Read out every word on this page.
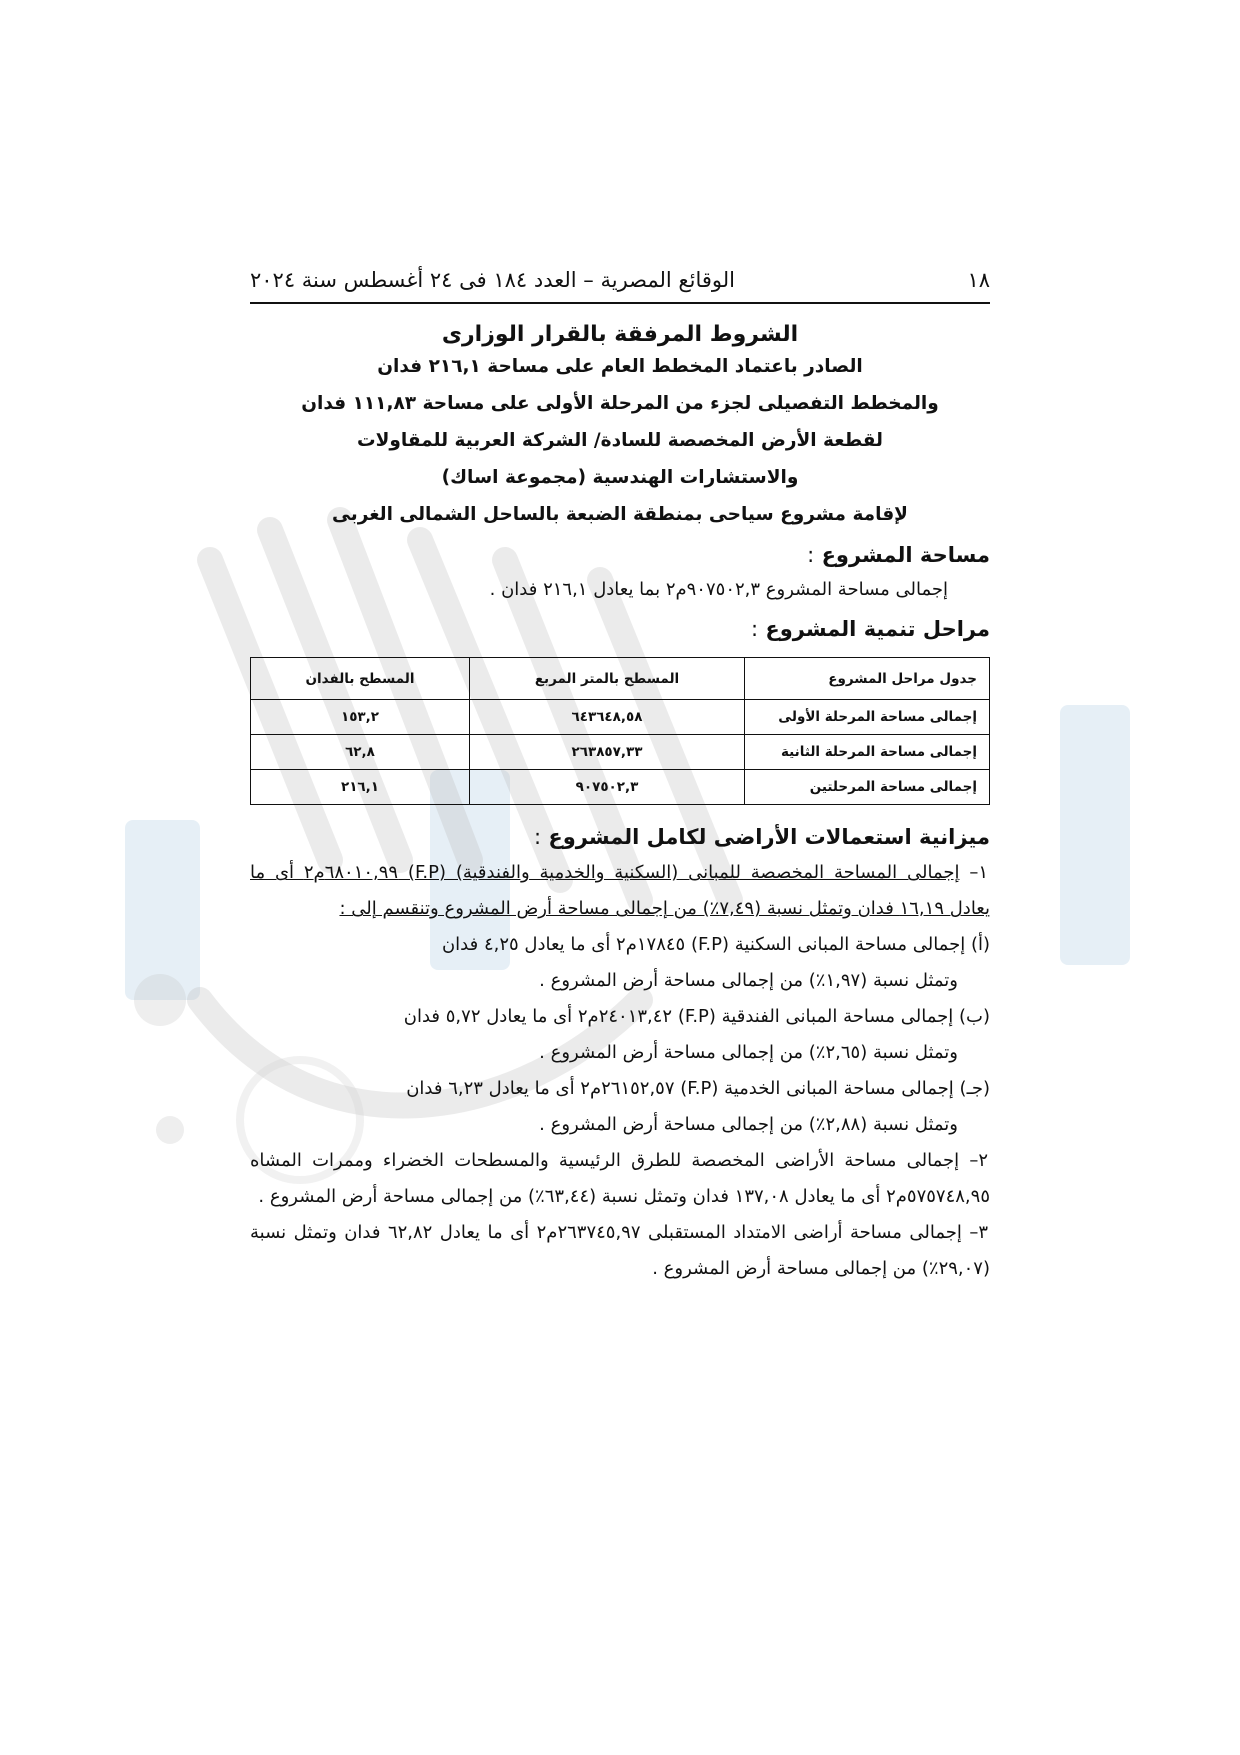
١٨
الوقائع المصرية – العدد ١٨٤ فى ٢٤ أغسطس سنة ٢٠٢٤
الشروط المرفقة بالقرار الوزارى
الصادر باعتماد المخطط العام على مساحة ٢١٦,١ فدان
والمخطط التفصيلى لجزء من المرحلة الأولى على مساحة ١١١,٨٣ فدان
لقطعة الأرض المخصصة للسادة/ الشركة العربية للمقاولات
والاستشارات الهندسية (مجموعة اساك)
لإقامة مشروع سياحى بمنطقة الضبعة بالساحل الشمالى الغربى
مساحة المشروع :
إجمالى مساحة المشروع ٩٠٧٥٠٢,٣م٢ بما يعادل ٢١٦,١ فدان .
مراحل تنمية المشروع :
جدول مراحل المشروع	المسطح بالمتر المربع	المسطح بالفدان
إجمالى مساحة المرحلة الأولى	٦٤٣٦٤٨,٥٨	١٥٣,٢
إجمالى مساحة المرحلة الثانية	٢٦٣٨٥٧,٣٣	٦٢,٨
إجمالى مساحة المرحلتين	٩٠٧٥٠٢,٣	٢١٦,١
ميزانية استعمالات الأراضى لكامل المشروع :
١– إجمالى المساحة المخصصة للمبانى (السكنية والخدمية والفندقية) (F.P) ٦٨٠١٠,٩٩م٢ أى ما يعادل ١٦,١٩ فدان وتمثل نسبة (٧,٤٩٪) من إجمالى مساحة أرض المشروع وتنقسم إلى :
(أ) إجمالى مساحة المبانى السكنية (F.P) ١٧٨٤٥م٢ أى ما يعادل ٤,٢٥ فدان
وتمثل نسبة (١,٩٧٪) من إجمالى مساحة أرض المشروع .
(ب) إجمالى مساحة المبانى الفندقية (F.P) ٢٤٠١٣,٤٢م٢ أى ما يعادل ٥,٧٢ فدان
وتمثل نسبة (٢,٦٥٪) من إجمالى مساحة أرض المشروع .
(جـ) إجمالى مساحة المبانى الخدمية (F.P) ٢٦١٥٢,٥٧م٢ أى ما يعادل ٦,٢٣ فدان
وتمثل نسبة (٢,٨٨٪) من إجمالى مساحة أرض المشروع .
٢– إجمالى مساحة الأراضى المخصصة للطرق الرئيسية والمسطحات الخضراء وممرات المشاه ٥٧٥٧٤٨,٩٥م٢ أى ما يعادل ١٣٧,٠٨ فدان وتمثل نسبة (٦٣,٤٤٪) من إجمالى مساحة أرض المشروع .
٣– إجمالى مساحة أراضى الامتداد المستقبلى ٢٦٣٧٤٥,٩٧م٢ أى ما يعادل ٦٢,٨٢ فدان وتمثل نسبة (٢٩,٠٧٪) من إجمالى مساحة أرض المشروع .
